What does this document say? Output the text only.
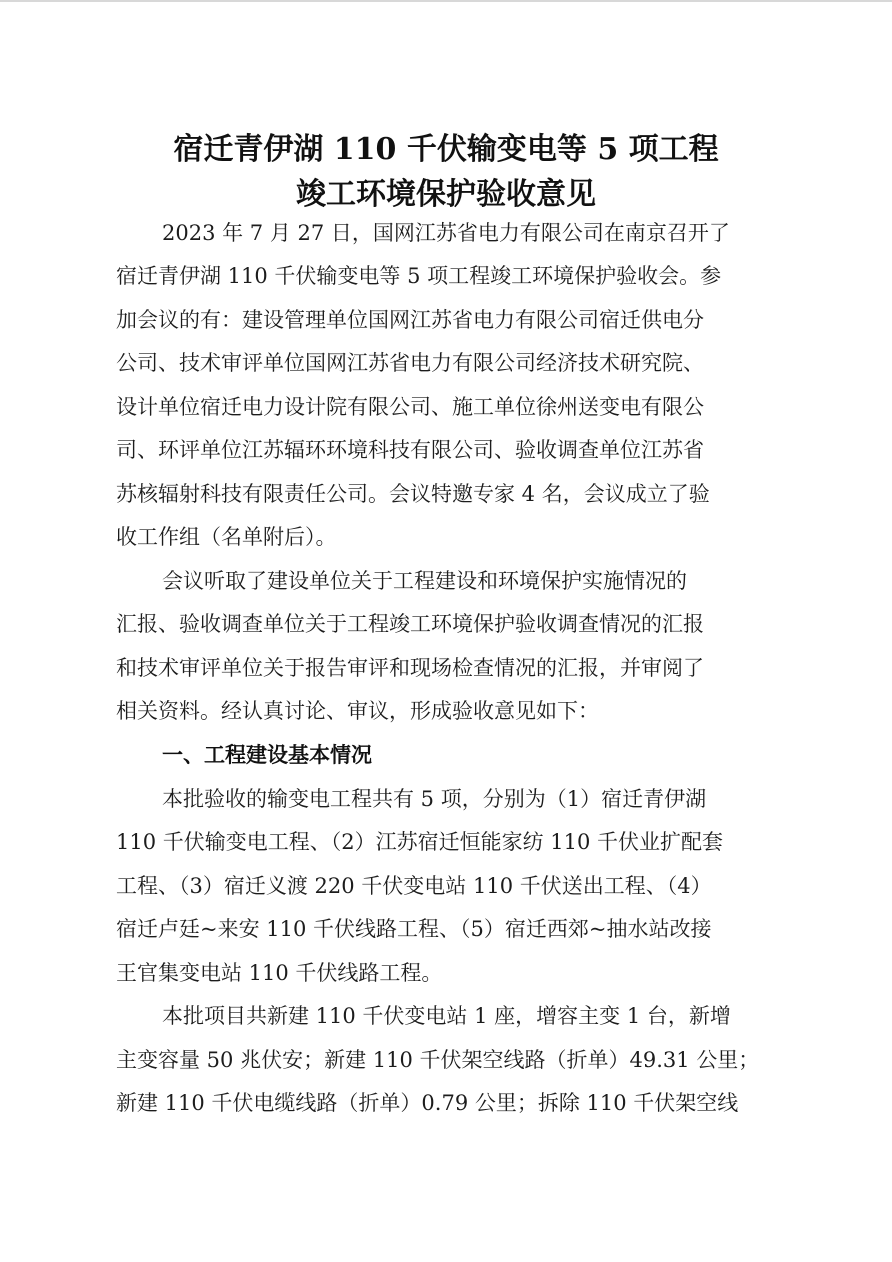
宿迁青伊湖 110 千伏输变电等 5 项工程
竣工环境保护验收意见
2023 年 7 月 27 日，国网江苏省电力有限公司在南京召开了
宿迁青伊湖 110 千伏输变电等 5 项工程竣工环境保护验收会。参
加会议的有：建设管理单位国网江苏省电力有限公司宿迁供电分
公司、技术审评单位国网江苏省电力有限公司经济技术研究院、
设计单位宿迁电力设计院有限公司、施工单位徐州送变电有限公
司、环评单位江苏辐环环境科技有限公司、验收调查单位江苏省
苏核辐射科技有限责任公司。会议特邀专家 4 名，会议成立了验
收工作组（名单附后）。
会议听取了建设单位关于工程建设和环境保护实施情况的
汇报、验收调查单位关于工程竣工环境保护验收调查情况的汇报
和技术审评单位关于报告审评和现场检查情况的汇报，并审阅了
相关资料。经认真讨论、审议，形成验收意见如下：
一、工程建设基本情况
本批验收的输变电工程共有 5 项，分别为（1）宿迁青伊湖
110 千伏输变电工程、（2）江苏宿迁恒能家纺 110 千伏业扩配套
工程、（3）宿迁义渡 220 千伏变电站 110 千伏送出工程、（4）
宿迁卢廷~来安 110 千伏线路工程、（5）宿迁西郊~抽水站改接
王官集变电站 110 千伏线路工程。
本批项目共新建 110 千伏变电站 1 座，增容主变 1 台，新增
主变容量 50 兆伏安；新建 110 千伏架空线路（折单）49.31 公里；
新建 110 千伏电缆线路（折单）0.79 公里；拆除 110 千伏架空线
